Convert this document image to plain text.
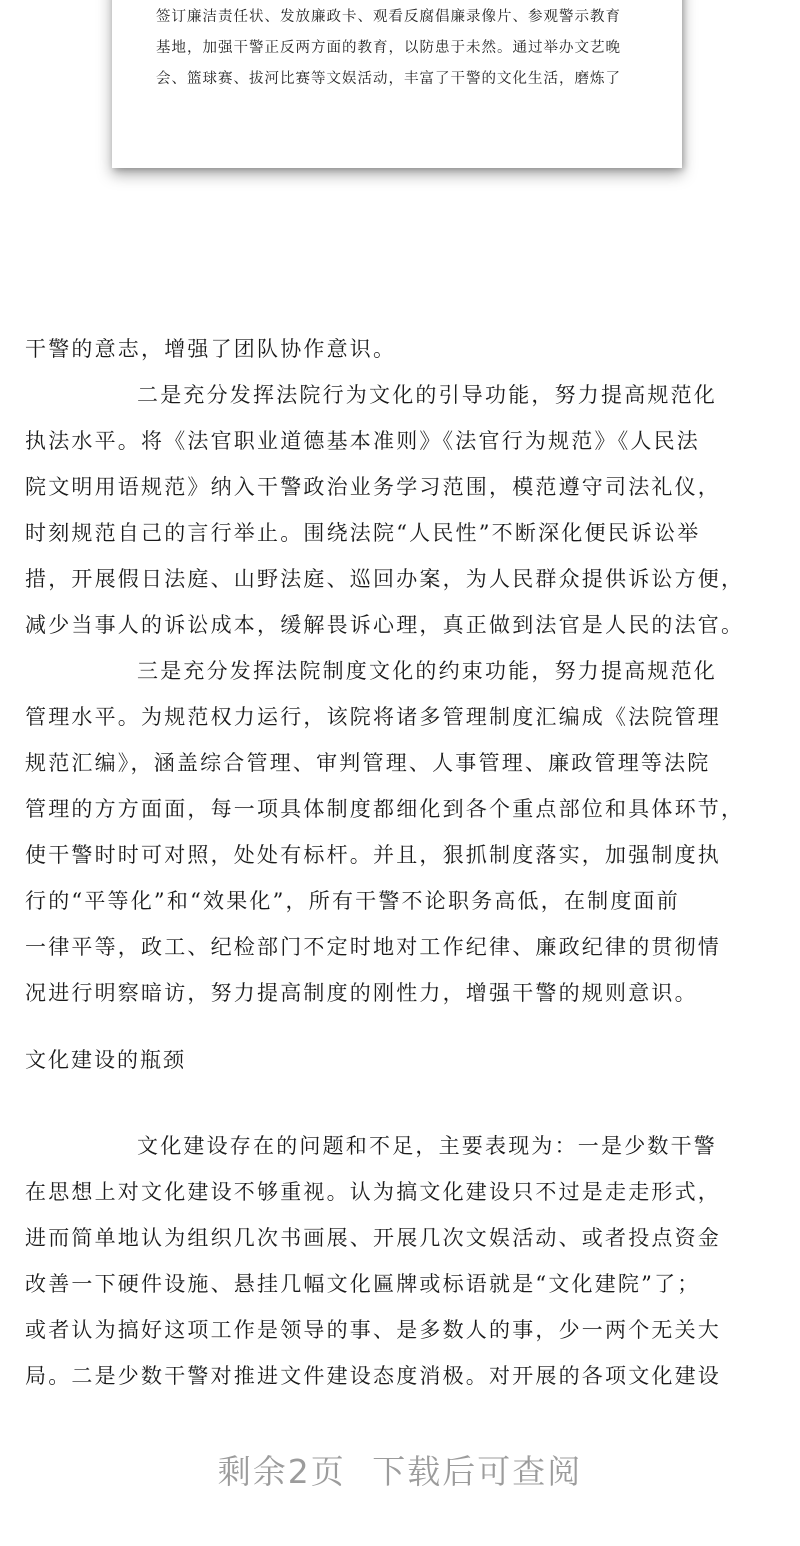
签订廉洁责任状、发放廉政卡、观看反腐倡廉录像片、参观警示教育
基地，加强干警正反两方面的教育，以防患于未然。通过举办文艺晚
会、篮球赛、拔河比赛等文娱活动，丰富了干警的文化生活，磨炼了
干警的意志，增强了团队协作意识。
二是充分发挥法院行为文化的引导功能，努力提高规范化
执法水平。将《法官职业道德基本准则》《法官行为规范》《人民法
院文明用语规范》纳入干警政治业务学习范围，模范遵守司法礼仪，
时刻规范自己的言行举止。围绕法院“人民性”不断深化便民诉讼举
措，开展假日法庭、山野法庭、巡回办案，为人民群众提供诉讼方便，
减少当事人的诉讼成本，缓解畏诉心理，真正做到法官是人民的法官。
三是充分发挥法院制度文化的约束功能，努力提高规范化
管理水平。为规范权力运行，该院将诸多管理制度汇编成《法院管理
规范汇编》，涵盖综合管理、审判管理、人事管理、廉政管理等法院
管理的方方面面，每一项具体制度都细化到各个重点部位和具体环节，
使干警时时可对照，处处有标杆。并且，狠抓制度落实，加强制度执
行的“平等化”和“效果化”，所有干警不论职务高低，在制度面前
一律平等，政工、纪检部门不定时地对工作纪律、廉政纪律的贯彻情
况进行明察暗访，努力提高制度的刚性力，增强干警的规则意识。
文化建设的瓶颈
文化建设存在的问题和不足，主要表现为：一是少数干警
在思想上对文化建设不够重视。认为搞文化建设只不过是走走形式，
进而简单地认为组织几次书画展、开展几次文娱活动、或者投点资金
改善一下硬件设施、悬挂几幅文化匾牌或标语就是“文化建院”了；
或者认为搞好这项工作是领导的事、是多数人的事，少一两个无关大
局。二是少数干警对推进文件建设态度消极。对开展的各项文化建设
剩余2页 下载后可查阅
